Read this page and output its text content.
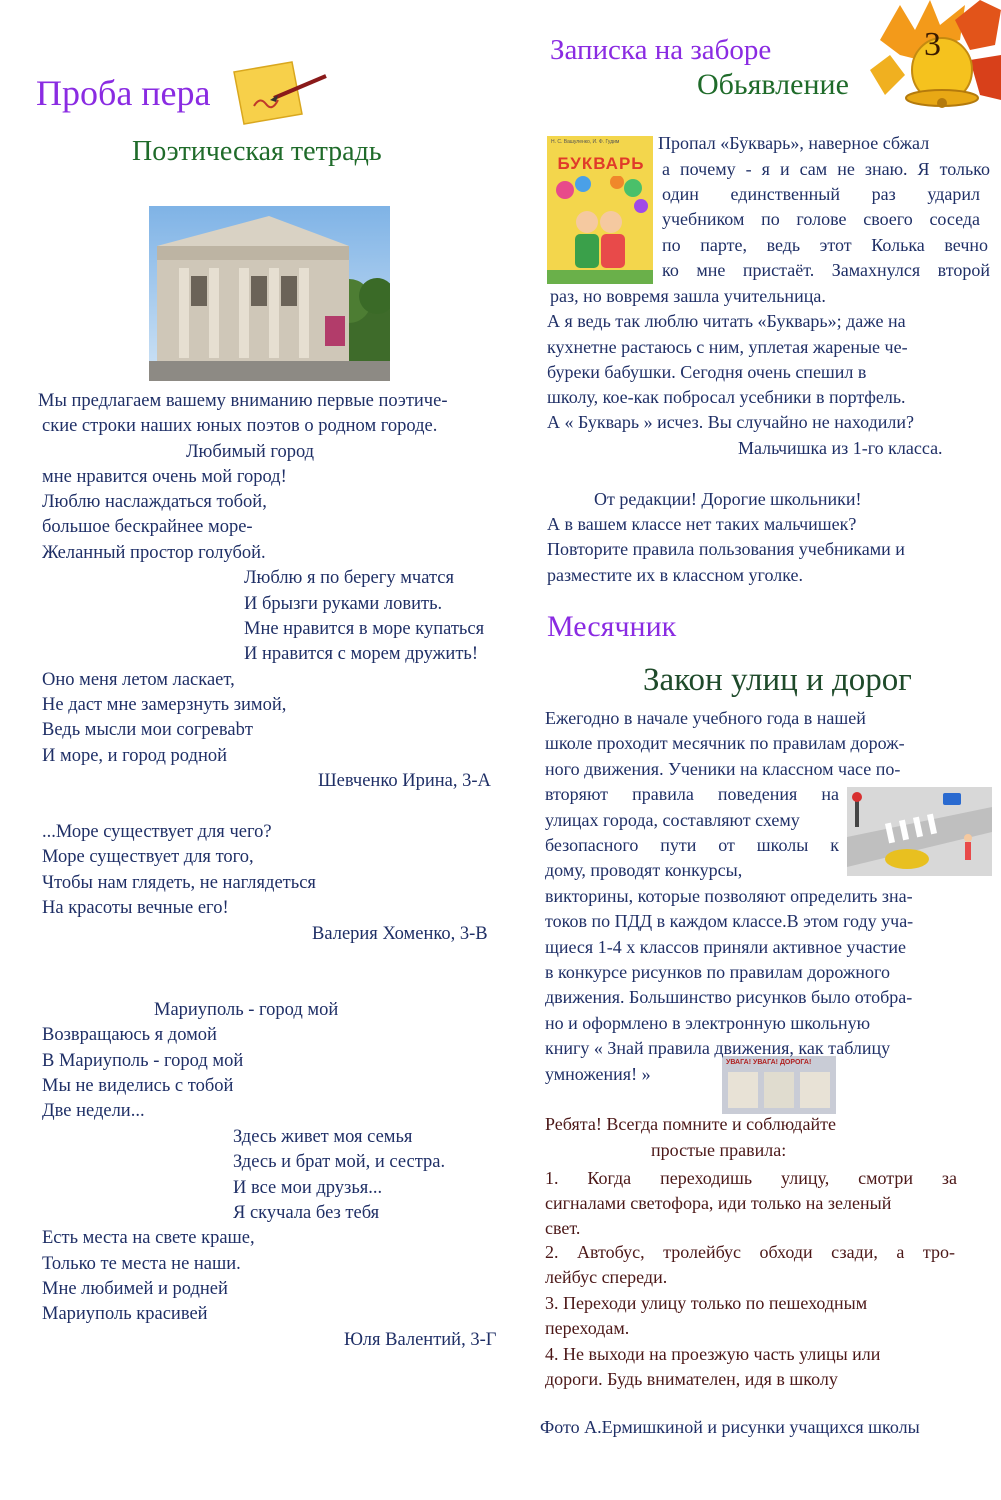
3
Проба пера
Поэтическая тетрадь
Мы предлагаем вашему вниманию первые поэтиче-
ские строки наших юных поэтов о родном городе.
Любимый город
мне нравится очень мой город!
Люблю наслаждаться тобой,
большое бескрайнее море-
Желанный простор голубой.
Люблю я по берегу мчатся
И брызги руками ловить.
Мне нравится в море купаться
И нравится с морем дружить!
Оно меня летом ласкает,
Не даст мне замерзнуть зимой,
Ведь мысли мои согреваbт
И море, и город родной
Шевченко Ирина, 3-А
...Море существует для чего?
Море существует для того,
Чтобы нам глядеть, не наглядеться
На красоты вечные его!
Валерия Хоменко, 3-В
Мариуполь - город мой
Возвращаюсь я домой
В Мариуполь - город мой
Мы не виделись с тобой
Две недели...
Здесь живет моя семья
Здесь и брат мой, и сестра.
И все мои друзья...
Я скучала без тебя
Есть места на свете краше,
Только те места не наши.
Мне любимей и родней
Мариуполь красивей
Юля Валентий, 3-Г
Записка на заборе
Обьявление
БУКВАРЬ
Н. С. Вашуленко, И. Ф. Гудим Пропал «Букварь», наверное сбжал
а почему - я и сам не знаю. Я только
один единственный раз ударил
учебником по голове своего соседа
по парте, ведь этот Колька вечно
ко мне пристаёт. Замахнулся второй
раз, но вовремя зашла учительница.
А я ведь так люблю читать «Букварь»; даже на
кухнетне растаюсь с ним, уплетая жареные че-
буреки бабушки. Сегодня очень спешил в
школу, кое-как побросал усебники в портфель.
А « Букварь » исчез. Вы случайно не находили?
Мальчишка из 1-го класса.
От редакции! Дорогие школьники!
А в вашем классе нет таких мальчишек?
Повторите правила пользования учебниками и
разместите их в классном уголке.
Месячник
Закон улиц и дорог
Ежегодно в начале учебного года в нашей
школе проходит месячник по правилам дорож-
ного движения. Ученики на классном часе по-
вторяют правила поведения на
улицах города, составляют схему
безопасного пути от школы к
дому, проводят конкурсы,
викторины, которые позволяют определить зна-
токов по ПДД в каждом классе.В этом году уча-
щиеся 1-4 х классов приняли активное участие
в конкурсе рисунков по правилам дорожного
движения. Большинство рисунков было отобра-
но и оформлено в электронную школьную
УВАГА! УВАГА! ДОРОГА!
книгу « Знай правила движения, как таблицу
умножения! »
Ребята! Всегда помните и соблюдайте
простые правила:
1. Когда переходишь улицу, смотри за
сигналами светофора, иди только на зеленый
свет.
2. Автобус, тролейбус обходи сзади, а тро-
лейбус спереди.
3. Переходи улицу только по пешеходным
переходам.
4. Не выходи на проезжую часть улицы или
дороги. Будь внимателен, идя в школу
Фото А.Ермишкиной и рисунки учащихся школы
